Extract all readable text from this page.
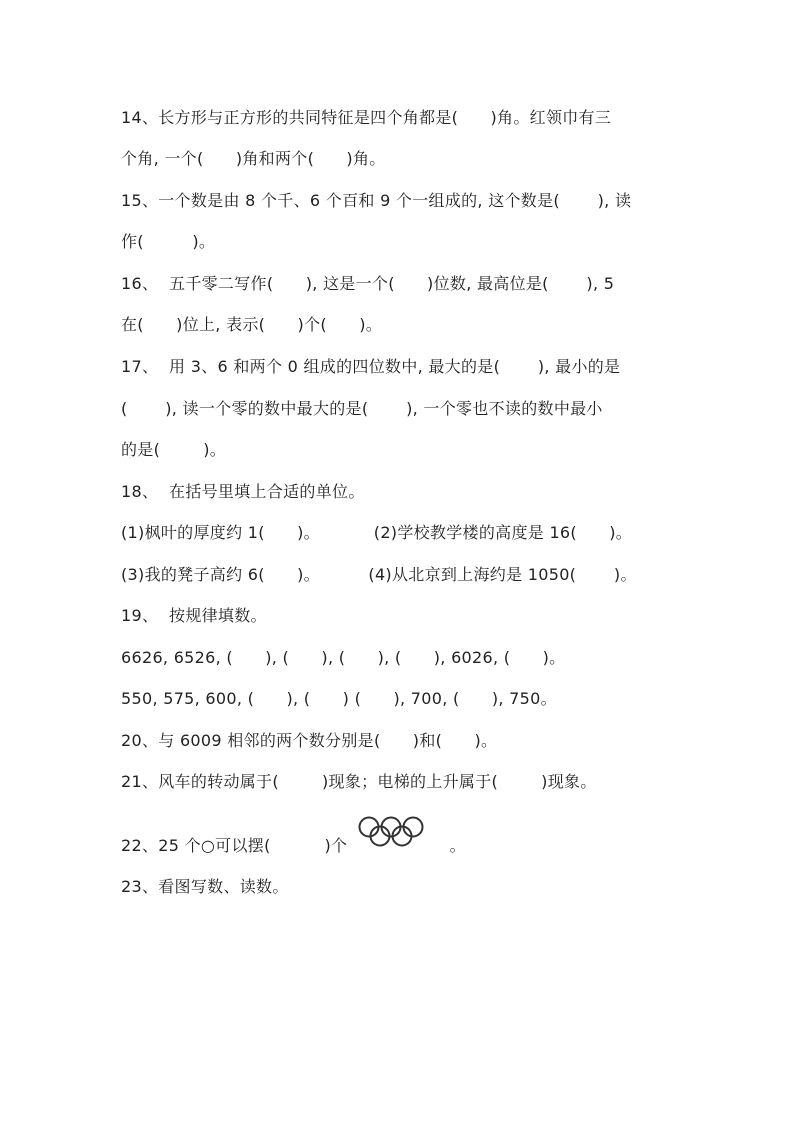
14、长方形与正方形的共同特征是四个角都是(      )角。红领巾有三
个角, 一个(      )角和两个(      )角。
15、一个数是由 8 个千、6 个百和 9 个一组成的, 这个数是(       ), 读
作(         )。
16、  五千零二写作(      ), 这是一个(      )位数, 最高位是(       ), 5
在(      )位上, 表示(      )个(      )。
17、  用 3、6 和两个 0 组成的四位数中, 最大的是(       ), 最小的是
(       ), 读一个零的数中最大的是(       ), 一个零也不读的数中最小
的是(        )。
18、  在括号里填上合适的单位。
(1)枫叶的厚度约 1(      )。          (2)学校教学楼的高度是 16(      )。
(3)我的凳子高约 6(      )。         (4)从北京到上海约是 1050(       )。
19、  按规律填数。
6626, 6526, (      ), (      ), (      ), (      ), 6026, (      )。
550, 575, 600, (      ), (      ) (      ), 700, (      ), 750。
20、与 6009 相邻的两个数分别是(      )和(      )。
21、风车的转动属于(        )现象；电梯的上升属于(        )现象。
22、25 个○可以摆(          )个                   。
23、看图写数、读数。
